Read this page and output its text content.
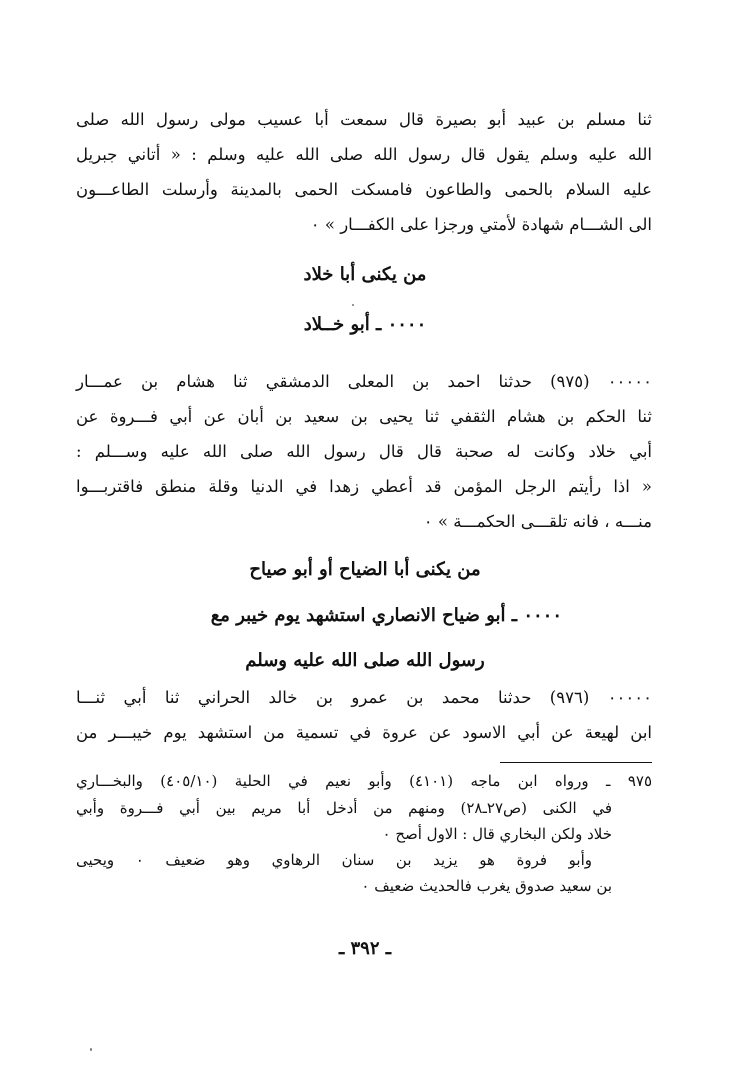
ثنا مسلم بن عبيد أبو بصيرة قال سمعت أبا عسيب مولى رسول الله صلى
الله عليه وسلم يقول قال رسول الله صلى الله عليه وسلم : « أتاني جبريل
عليه السلام بالحمى والطاعون فامسكت الحمى بالمدينة وأرسلت الطاعـــون
الى الشـــام شهادة لأمتي ورجزا على الكفـــار » ٠
من يكنى أبا خلاد
٠٠٠٠ ـ أبو خــلاد
٠٠٠٠٠ (٩٧٥) حدثنا احمد بن المعلى الدمشقي ثنا هشام بن عمـــار
ثنا الحكم بن هشام الثقفي ثنا يحيى بن سعيد بن أبان عن أبي فـــروة عن
أبي خلاد وكانت له صحبة قال قال رسول الله صلى الله عليه وســـلم :
« اذا رأيتم الرجل المؤمن قد أعطي زهدا في الدنيا وقلة منطق فاقتربـــوا
منـــه ، فانه تلقـــى الحكمـــة » ٠
من يكنى أبا الضياح أو أبو صياح
٠٠٠٠ ـ أبو ضياح الانصاري استشهد يوم خيبر مع
رسول الله صلى الله عليه وسلم
٠٠٠٠٠ (٩٧٦) حدثنا محمد بن عمرو بن خالد الحراني ثنا أبي ثنـــا
ابن لهيعة عن أبي الاسود عن عروة في تسمية من استشهد يوم خيبـــر من
٩٧٥ ـ ورواه ابن ماجه (٤١٠١) وأبو نعيم في الحلية (٤٠٥/١٠) والبخـــاري
في الكنى (ص٢٧ـ٢٨) ومنهم من أدخل أبا مريم بين أبي فـــروة وأبي
خلاد ولكن البخاري قال : الاول أصح ٠
وأبو فروة هو يزيد بن سنان الرهاوي وهو ضعيف ٠ ويحيى
بن سعيد صدوق يغرب فالحديث ضعيف ٠
ـ ٣٩٢ ـ
